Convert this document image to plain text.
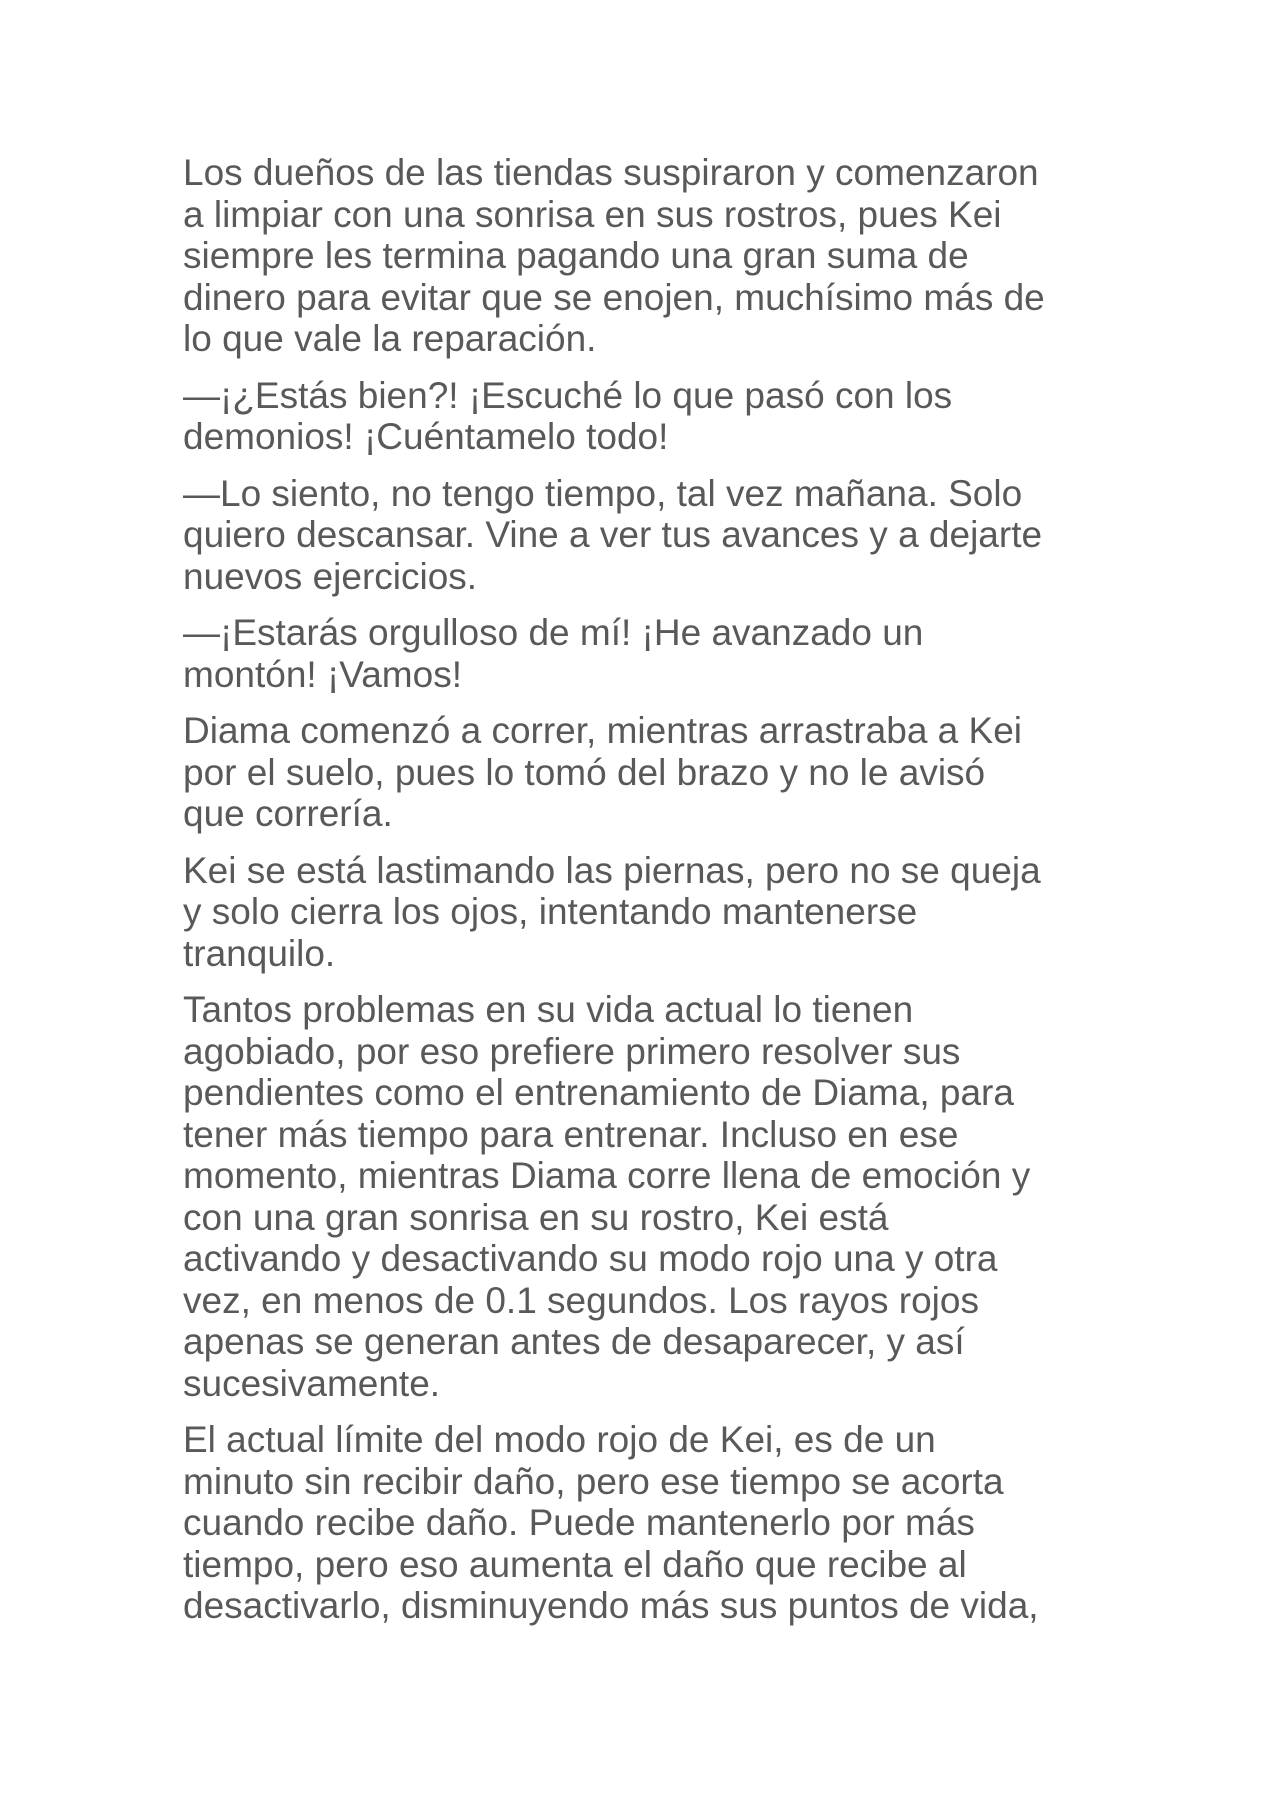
Los dueños de las tiendas suspiraron y comenzaron
a limpiar con una sonrisa en sus rostros, pues Kei
siempre les termina pagando una gran suma de
dinero para evitar que se enojen, muchísimo más de
lo que vale la reparación.

—¡¿Estás bien?! ¡Escuché lo que pasó con los
demonios! ¡Cuéntamelo todo!

—Lo siento, no tengo tiempo, tal vez mañana. Solo
quiero descansar. Vine a ver tus avances y a dejarte
nuevos ejercicios.

—¡Estarás orgulloso de mí! ¡He avanzado un
montón! ¡Vamos!

Diama comenzó a correr, mientras arrastraba a Kei
por el suelo, pues lo tomó del brazo y no le avisó
que correría.

Kei se está lastimando las piernas, pero no se queja
y solo cierra los ojos, intentando mantenerse
tranquilo.

Tantos problemas en su vida actual lo tienen
agobiado, por eso prefiere primero resolver sus
pendientes como el entrenamiento de Diama, para
tener más tiempo para entrenar. Incluso en ese
momento, mientras Diama corre llena de emoción y
con una gran sonrisa en su rostro, Kei está
activando y desactivando su modo rojo una y otra
vez, en menos de 0.1 segundos. Los rayos rojos
apenas se generan antes de desaparecer, y así
sucesivamente.

El actual límite del modo rojo de Kei, es de un
minuto sin recibir daño, pero ese tiempo se acorta
cuando recibe daño. Puede mantenerlo por más
tiempo, pero eso aumenta el daño que recibe al
desactivarlo, disminuyendo más sus puntos de vida,
